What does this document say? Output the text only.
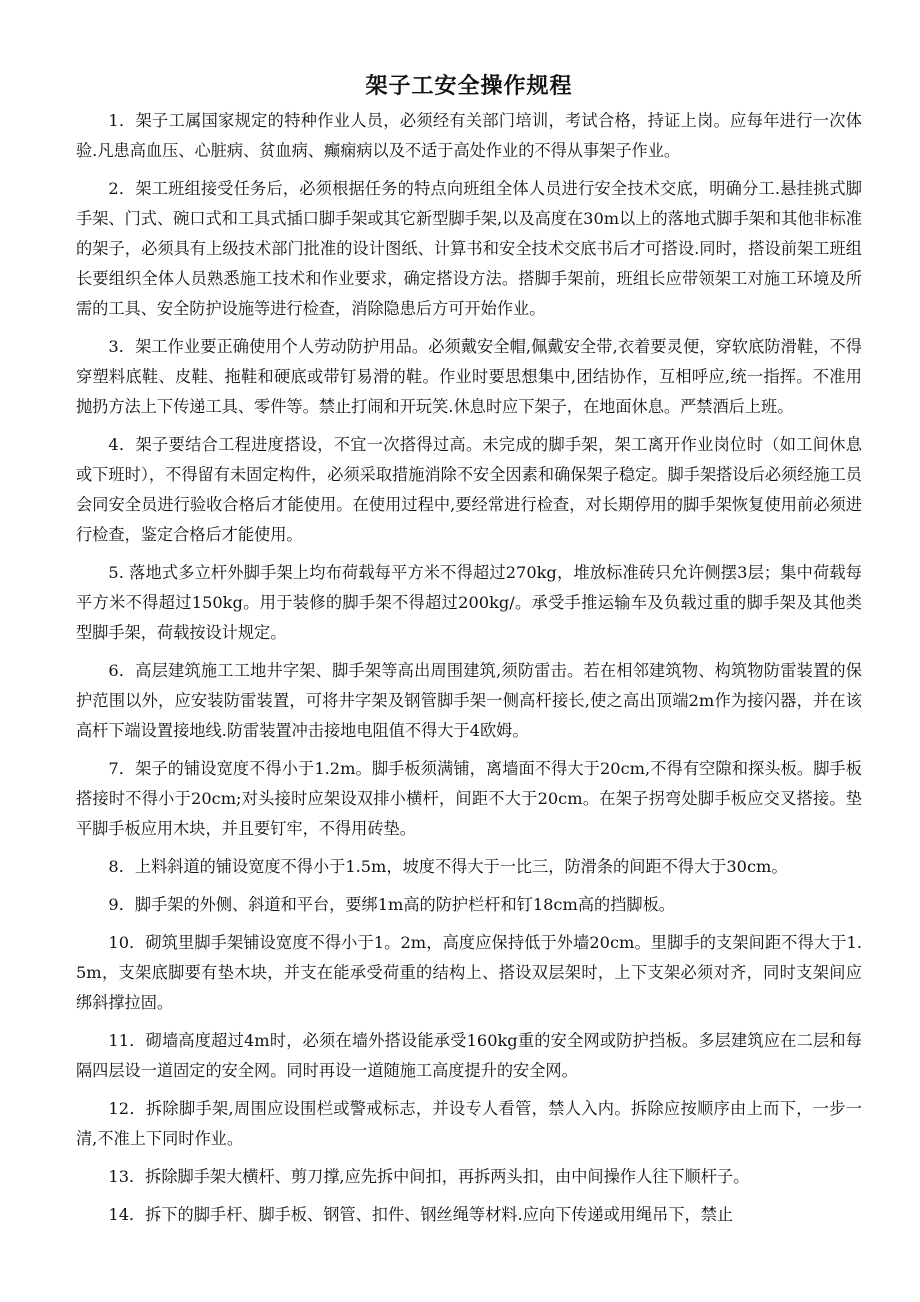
架子工安全操作规程

1．架子工属国家规定的特种作业人员，必须经有关部门培训，考试合格，持证上岗。应每年进行一次体验.凡患高血压、心脏病、贫血病、癫痫病以及不适于高处作业的不得从事架子作业。

2．架工班组接受任务后，必须根据任务的特点向班组全体人员进行安全技术交底，明确分工.悬挂挑式脚手架、门式、碗口式和工具式插口脚手架或其它新型脚手架,以及高度在30m以上的落地式脚手架和其他非标准的架子，必须具有上级技术部门批准的设计图纸、计算书和安全技术交底书后才可搭设.同时，搭设前架工班组长要组织全体人员熟悉施工技术和作业要求，确定搭设方法。搭脚手架前，班组长应带领架工对施工环境及所需的工具、安全防护设施等进行检查，消除隐患后方可开始作业。

3．架工作业要正确使用个人劳动防护用品。必须戴安全帽,佩戴安全带,衣着要灵便，穿软底防滑鞋，不得穿塑料底鞋、皮鞋、拖鞋和硬底或带钉易滑的鞋。作业时要思想集中,团结协作，互相呼应,统一指挥。不准用抛扔方法上下传递工具、零件等。禁止打闹和开玩笑.休息时应下架子，在地面休息。严禁酒后上班。

4．架子要结合工程进度搭设，不宜一次搭得过高。未完成的脚手架，架工离开作业岗位时（如工间休息或下班时），不得留有未固定构件，必须采取措施消除不安全因素和确保架子稳定。脚手架搭设后必须经施工员会同安全员进行验收合格后才能使用。在使用过程中,要经常进行检查，对长期停用的脚手架恢复使用前必须进行检查，鉴定合格后才能使用。

5. 落地式多立杆外脚手架上均布荷载每平方米不得超过270kg，堆放标准砖只允许侧摆3层；集中荷载每平方米不得超过150kg。用于装修的脚手架不得超过200kg/。承受手推运输车及负载过重的脚手架及其他类型脚手架，荷载按设计规定。

6．高层建筑施工工地井字架、脚手架等高出周围建筑,须防雷击。若在相邻建筑物、构筑物防雷装置的保护范围以外，应安装防雷装置，可将井字架及钢管脚手架一侧高杆接长,使之高出顶端2m作为接闪器，并在该高杆下端设置接地线.防雷装置冲击接地电阻值不得大于4欧姆。

7．架子的铺设宽度不得小于1.2m。脚手板须满铺，离墙面不得大于20cm,不得有空隙和探头板。脚手板搭接时不得小于20cm;对头接时应架设双排小横杆，间距不大于20cm。在架子拐弯处脚手板应交叉搭接。垫平脚手板应用木块，并且要钉牢，不得用砖垫。

8．上料斜道的铺设宽度不得小于1.5m，坡度不得大于一比三，防滑条的间距不得大于30cm。

9．脚手架的外侧、斜道和平台，要绑1m高的防护栏杆和钉18cm高的挡脚板。

10．砌筑里脚手架铺设宽度不得小于1。2m，高度应保持低于外墙20cm。里脚手的支架间距不得大于1.5m，支架底脚要有垫木块，并支在能承受荷重的结构上、搭设双层架时，上下支架必须对齐，同时支架间应绑斜撑拉固。

11．砌墙高度超过4m时，必须在墙外搭设能承受160kg重的安全网或防护挡板。多层建筑应在二层和每隔四层设一道固定的安全网。同时再设一道随施工高度提升的安全网。

12．拆除脚手架,周围应设围栏或警戒标志，并设专人看管，禁人入内。拆除应按顺序由上而下，一步一清,不准上下同时作业。

13．拆除脚手架大横杆、剪刀撑,应先拆中间扣，再拆两头扣，由中间操作人往下顺杆子。

14．拆下的脚手杆、脚手板、钢管、扣件、钢丝绳等材料.应向下传递或用绳吊下，禁止
